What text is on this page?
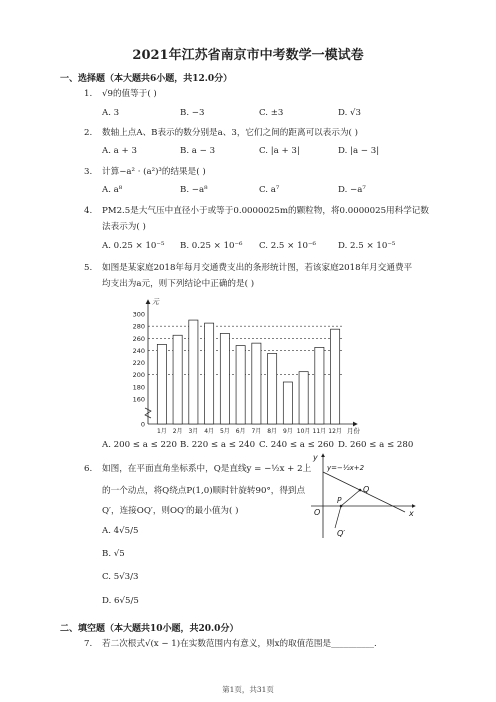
2021年江苏省南京市中考数学一模试卷
一、选择题（本大题共6小题，共12.0分）
1. √9的值等于( )
A. 3	B. −3	C. ±3	D. √3
2. 数轴上点A、B表示的数分别是a、3，它们之间的距离可以表示为( )
A. a + 3	B. a − 3	C. |a + 3|	D. |a − 3|
3. 计算−a² · (a²)³的结果是( )
A. a⁸	B. −a⁸	C. a⁷	D. −a⁷
4. PM2.5是大气压中直径小于或等于0.0000025m的颗粒物，将0.0000025用科学记数
法表示为( )
A. 0.25 × 10⁻⁵ B. 0.25 × 10⁻⁶ C. 2.5 × 10⁻⁶	D. 2.5 × 10⁻⁵
5. 如图是某家庭2018年每月交通费支出的条形统计图，若该家庭2018年月交通费平
均支出为a元，则下列结论中正确的是( )
0
160
180
200
220
240
260
280
300
元
1月 2月 3月 4月 5月 6月 7月 8月 9月 10月 11月 12月 月份
A. 200 ≤ a ≤ 220 B. 220 ≤ a ≤ 240 C. 240 ≤ a ≤ 260 D. 260 ≤ a ≤ 280
6. 如图，在平面直角坐标系中，Q是直线y = −½x + 2上
的一个动点，将Q绕点P(1,0)顺时针旋转90°，得到点
Q′，连接OQ′，则OQ′的最小值为( )
A. 4√5/5
B. √5
C. 5√3/3
D. 6√5/5
y
x
O
P
Q
Q′
y=−½x+2
二、填空题（本大题共10小题，共20.0分）
7. 若二次根式√(x − 1)在实数范围内有意义，则x的取值范围是__________.
第1页，共31页
